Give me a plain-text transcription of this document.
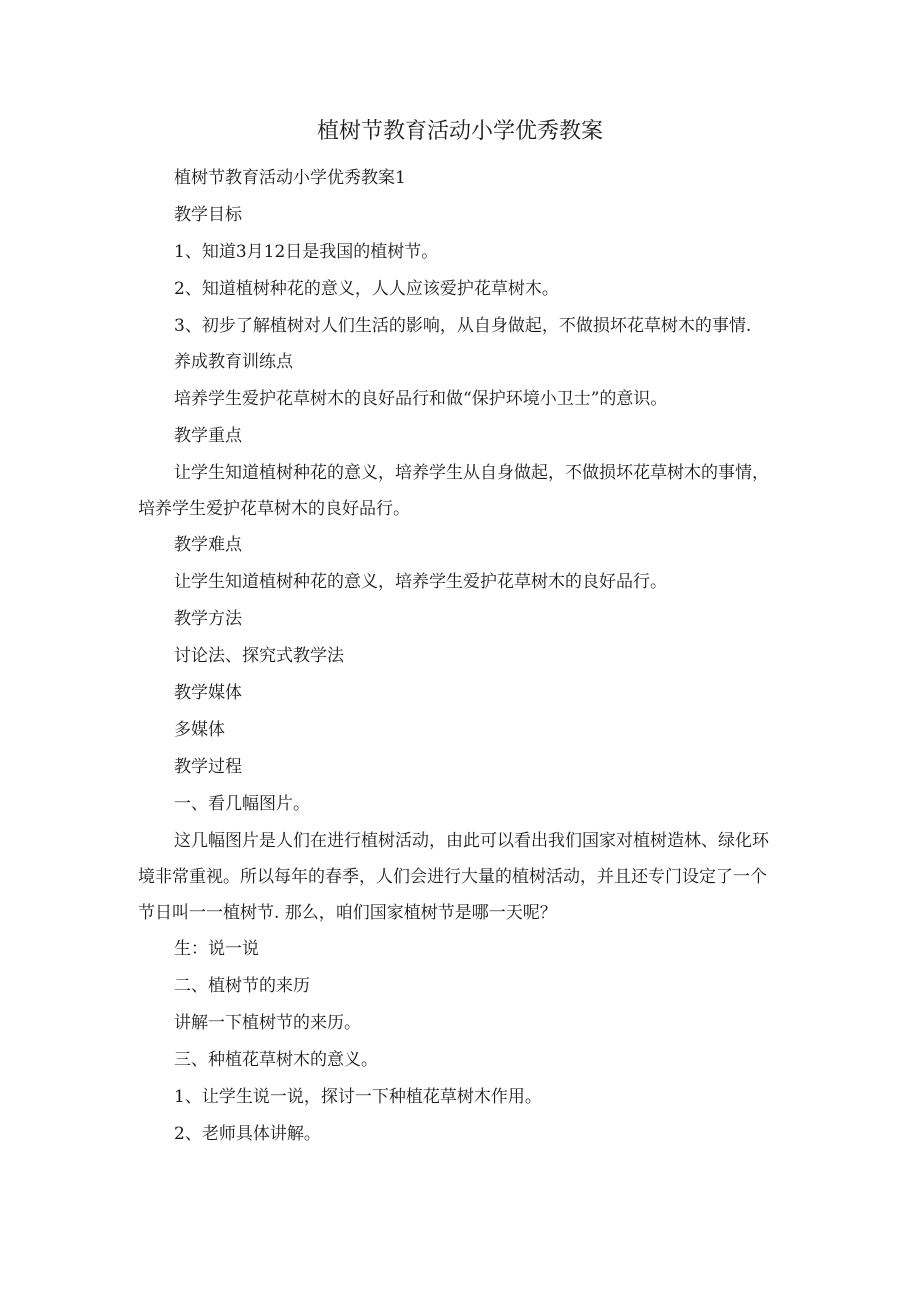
植树节教育活动小学优秀教案

植树节教育活动小学优秀教案1

教学目标

1、知道3月12日是我国的植树节。

2、知道植树种花的意义，人人应该爱护花草树木。

3、初步了解植树对人们生活的影响，从自身做起，不做损坏花草树木的事情.

养成教育训练点

培养学生爱护花草树木的良好品行和做“保护环境小卫士”的意识。

教学重点

让学生知道植树种花的意义，培养学生从自身做起，不做损坏花草树木的事情，培养学生爱护花草树木的良好品行。

教学难点

让学生知道植树种花的意义，培养学生爱护花草树木的良好品行。

教学方法

讨论法、探究式教学法

教学媒体

多媒体

教学过程

一、看几幅图片。

这几幅图片是人们在进行植树活动，由此可以看出我们国家对植树造林、绿化环境非常重视。所以每年的春季，人们会进行大量的植树活动，并且还专门设定了一个节日叫一一植树节. 那么，咱们国家植树节是哪一天呢？

生：说一说

二、植树节的来历

讲解一下植树节的来历。

三、种植花草树木的意义。

1、让学生说一说，探讨一下种植花草树木作用。

2、老师具体讲解。
